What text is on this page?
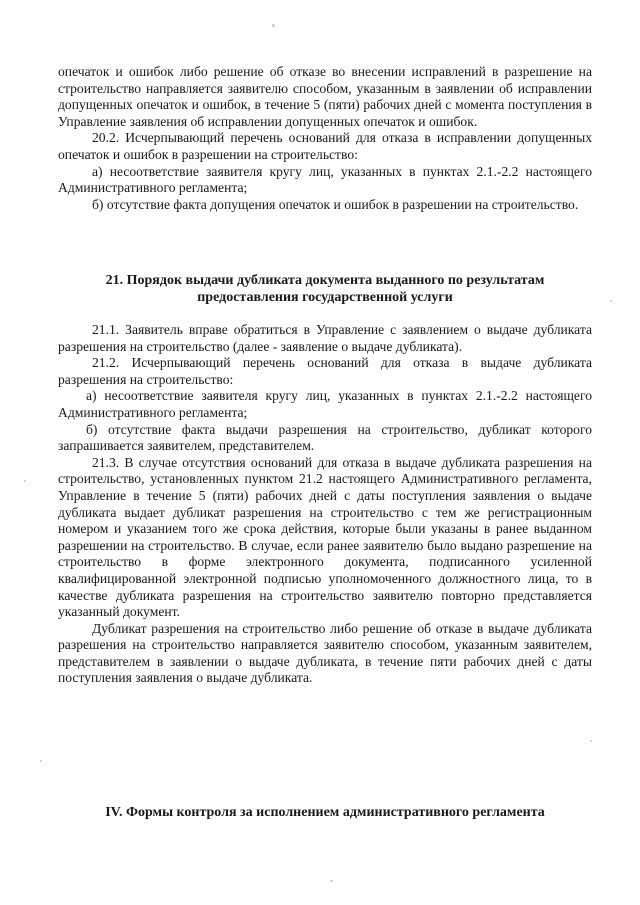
опечаток и ошибок либо решение об отказе во внесении исправлений в разрешение на строительство направляется заявителю способом, указанным в заявлении об исправлении допущенных опечаток и ошибок, в течение 5 (пяти) рабочих дней с момента поступления в Управление заявления об исправлении допущенных опечаток и ошибок.

20.2. Исчерпывающий перечень оснований для отказа в исправлении допущенных опечаток и ошибок в разрешении на строительство:

а) несоответствие заявителя кругу лиц, указанных в пунктах 2.1.-2.2 настоящего Административного регламента;

б) отсутствие факта допущения опечаток и ошибок в разрешении на строительство.

21. Порядок выдачи дубликата документа выданного по результатам предоставления государственной услуги

21.1. Заявитель вправе обратиться в Управление с заявлением о выдаче дубликата разрешения на строительство (далее - заявление о выдаче дубликата).

21.2. Исчерпывающий перечень оснований для отказа в выдаче дубликата разрешения на строительство:

а) несоответствие заявителя кругу лиц, указанных в пунктах 2.1.-2.2 настоящего Административного регламента;

б) отсутствие факта выдачи разрешения на строительство, дубликат которого запрашивается заявителем, представителем.

21.3. В случае отсутствия оснований для отказа в выдаче дубликата разрешения на строительство, установленных пунктом 21.2 настоящего Административного регламента, Управление в течение 5 (пяти) рабочих дней с даты поступления заявления о выдаче дубликата выдает дубликат разрешения на строительство с тем же регистрационным номером и указанием того же срока действия, которые были указаны в ранее выданном разрешении на строительство. В случае, если ранее заявителю было выдано разрешение на строительство в форме электронного документа, подписанного усиленной квалифицированной электронной подписью уполномоченного должностного лица, то в качестве дубликата разрешения на строительство заявителю повторно представляется указанный документ.

Дубликат разрешения на строительство либо решение об отказе в выдаче дубликата разрешения на строительство направляется заявителю способом, указанным заявителем, представителем в заявлении о выдаче дубликата, в течение пяти рабочих дней с даты поступления заявления о выдаче дубликата.

IV. Формы контроля за исполнением административного регламента
